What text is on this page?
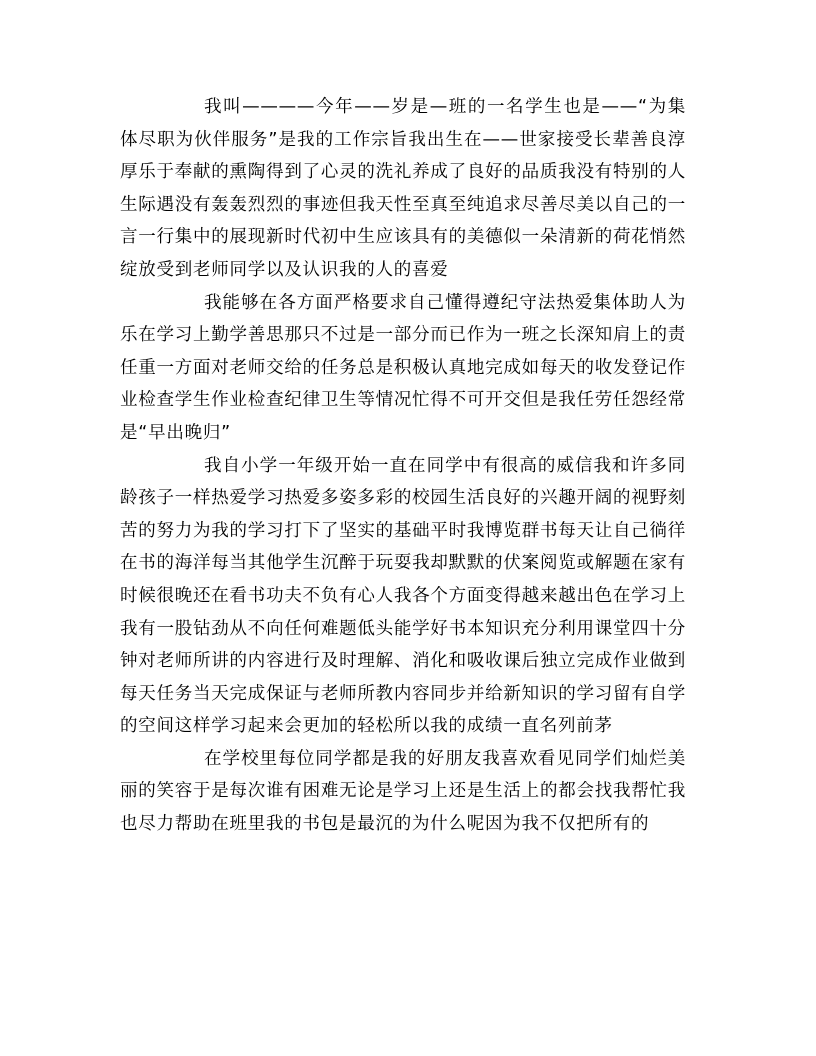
我叫————今年——岁是—班的一名学生也是——“为集体尽职为伙伴服务”是我的工作宗旨我出生在——世家接受长辈善良淳厚乐于奉献的熏陶得到了心灵的洗礼养成了良好的品质我没有特别的人生际遇没有轰轰烈烈的事迹但我天性至真至纯追求尽善尽美以自己的一言一行集中的展现新时代初中生应该具有的美德似一朵清新的荷花悄然绽放受到老师同学以及认识我的人的喜爱

我能够在各方面严格要求自己懂得遵纪守法热爱集体助人为乐在学习上勤学善思那只不过是一部分而已作为一班之长深知肩上的责任重一方面对老师交给的任务总是积极认真地完成如每天的收发登记作业检查学生作业检查纪律卫生等情况忙得不可开交但是我任劳任怨经常是“早出晚归”

我自小学一年级开始一直在同学中有很高的威信我和许多同龄孩子一样热爱学习热爱多姿多彩的校园生活良好的兴趣开阔的视野刻苦的努力为我的学习打下了坚实的基础平时我博览群书每天让自己徜徉在书的海洋每当其他学生沉醉于玩耍我却默默的伏案阅览或解题在家有时候很晚还在看书功夫不负有心人我各个方面变得越来越出色在学习上我有一股钻劲从不向任何难题低头能学好书本知识充分利用课堂四十分钟对老师所讲的内容进行及时理解、消化和吸收课后独立完成作业做到每天任务当天完成保证与老师所教内容同步并给新知识的学习留有自学的空间这样学习起来会更加的轻松所以我的成绩一直名列前茅

在学校里每位同学都是我的好朋友我喜欢看见同学们灿烂美丽的笑容于是每次谁有困难无论是学习上还是生活上的都会找我帮忙我也尽力帮助在班里我的书包是最沉的为什么呢因为我不仅把所有的
